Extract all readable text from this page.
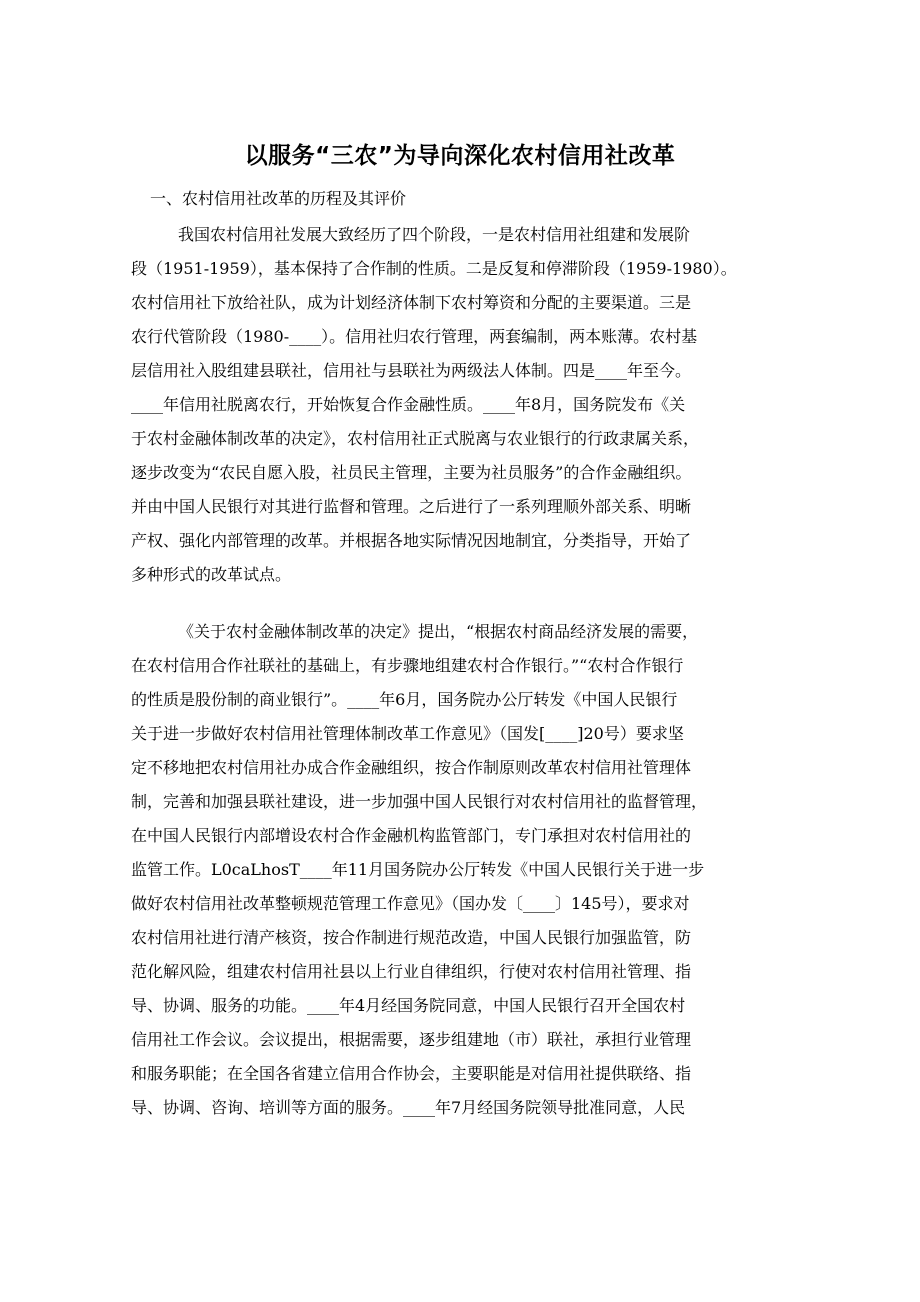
以服务“三农”为导向深化农村信用社改革
一、农村信用社改革的历程及其评价
我国农村信用社发展大致经历了四个阶段，一是农村信用社组建和发展阶
段（1951-1959），基本保持了合作制的性质。二是反复和停滞阶段（1959-1980）。
农村信用社下放给社队，成为计划经济体制下农村筹资和分配的主要渠道。三是
农行代管阶段（1980-____）。信用社归农行管理，两套编制，两本账薄。农村基
层信用社入股组建县联社，信用社与县联社为两级法人体制。四是____年至今。
____年信用社脱离农行，开始恢复合作金融性质。____年8月，国务院发布《关
于农村金融体制改革的决定》，农村信用社正式脱离与农业银行的行政隶属关系，
逐步改变为“农民自愿入股，社员民主管理，主要为社员服务”的合作金融组织。
并由中国人民银行对其进行监督和管理。之后进行了一系列理顺外部关系、明晰
产权、强化内部管理的改革。并根据各地实际情况因地制宜，分类指导，开始了
多种形式的改革试点。
《关于农村金融体制改革的决定》提出，“根据农村商品经济发展的需要，
在农村信用合作社联社的基础上，有步骤地组建农村合作银行。”“农村合作银行
的性质是股份制的商业银行”。____年6月，国务院办公厅转发《中国人民银行
关于进一步做好农村信用社管理体制改革工作意见》（国发[____]20号）要求坚
定不移地把农村信用社办成合作金融组织，按合作制原则改革农村信用社管理体
制，完善和加强县联社建设，进一步加强中国人民银行对农村信用社的监督管理，
在中国人民银行内部增设农村合作金融机构监管部门，专门承担对农村信用社的
监管工作。L0caLhosT____年11月国务院办公厅转发《中国人民银行关于进一步
做好农村信用社改革整顿规范管理工作意见》（国办发〔____〕145号），要求对
农村信用社进行清产核资，按合作制进行规范改造，中国人民银行加强监管，防
范化解风险，组建农村信用社县以上行业自律组织，行使对农村信用社管理、指
导、协调、服务的功能。____年4月经国务院同意，中国人民银行召开全国农村
信用社工作会议。会议提出，根据需要，逐步组建地（市）联社，承担行业管理
和服务职能；在全国各省建立信用合作协会，主要职能是对信用社提供联络、指
导、协调、咨询、培训等方面的服务。____年7月经国务院领导批准同意，人民
